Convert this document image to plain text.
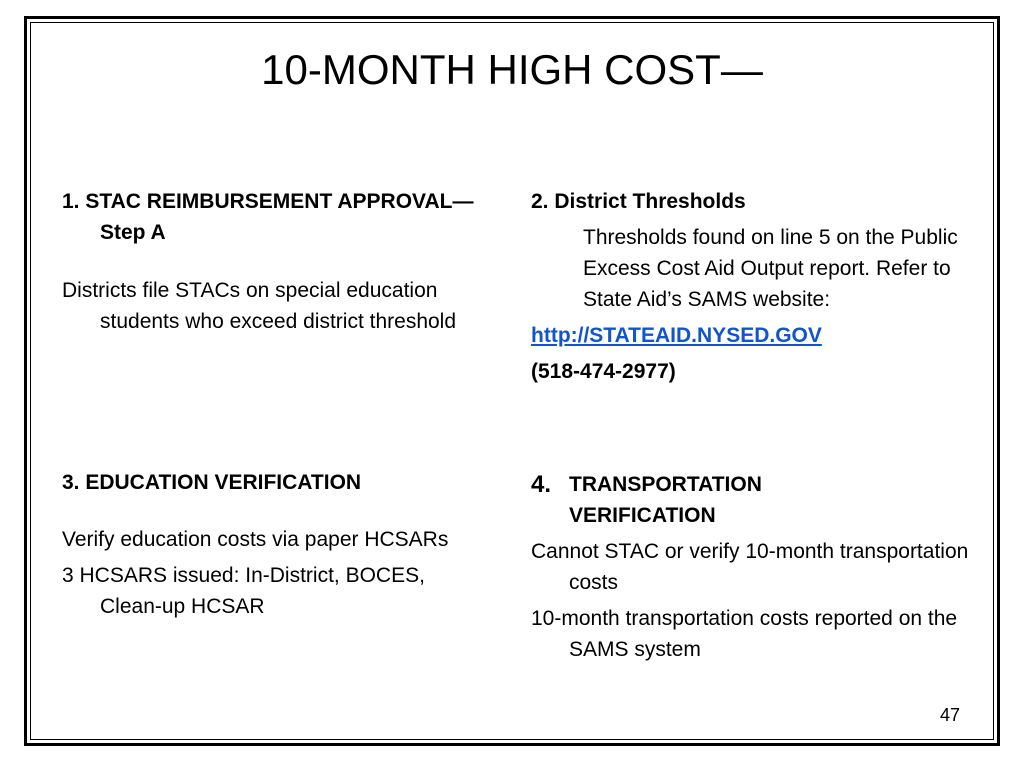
10-MONTH HIGH COST—

1. STAC REIMBURSEMENT APPROVAL—Step A

Districts file STACs on special education students who exceed district threshold

2. District Thresholds

Thresholds found on line 5 on the Public Excess Cost Aid Output report. Refer to State Aid’s SAMS website:

http://STATEAID.NYSED.GOV

(518-474-2977)

3. EDUCATION VERIFICATION

Verify education costs via paper HCSARs

3 HCSARS issued: In-District, BOCES, Clean-up HCSAR

4. TRANSPORTATION VERIFICATION

Cannot STAC or verify 10-month transportation costs

10-month transportation costs reported on the SAMS system

47
